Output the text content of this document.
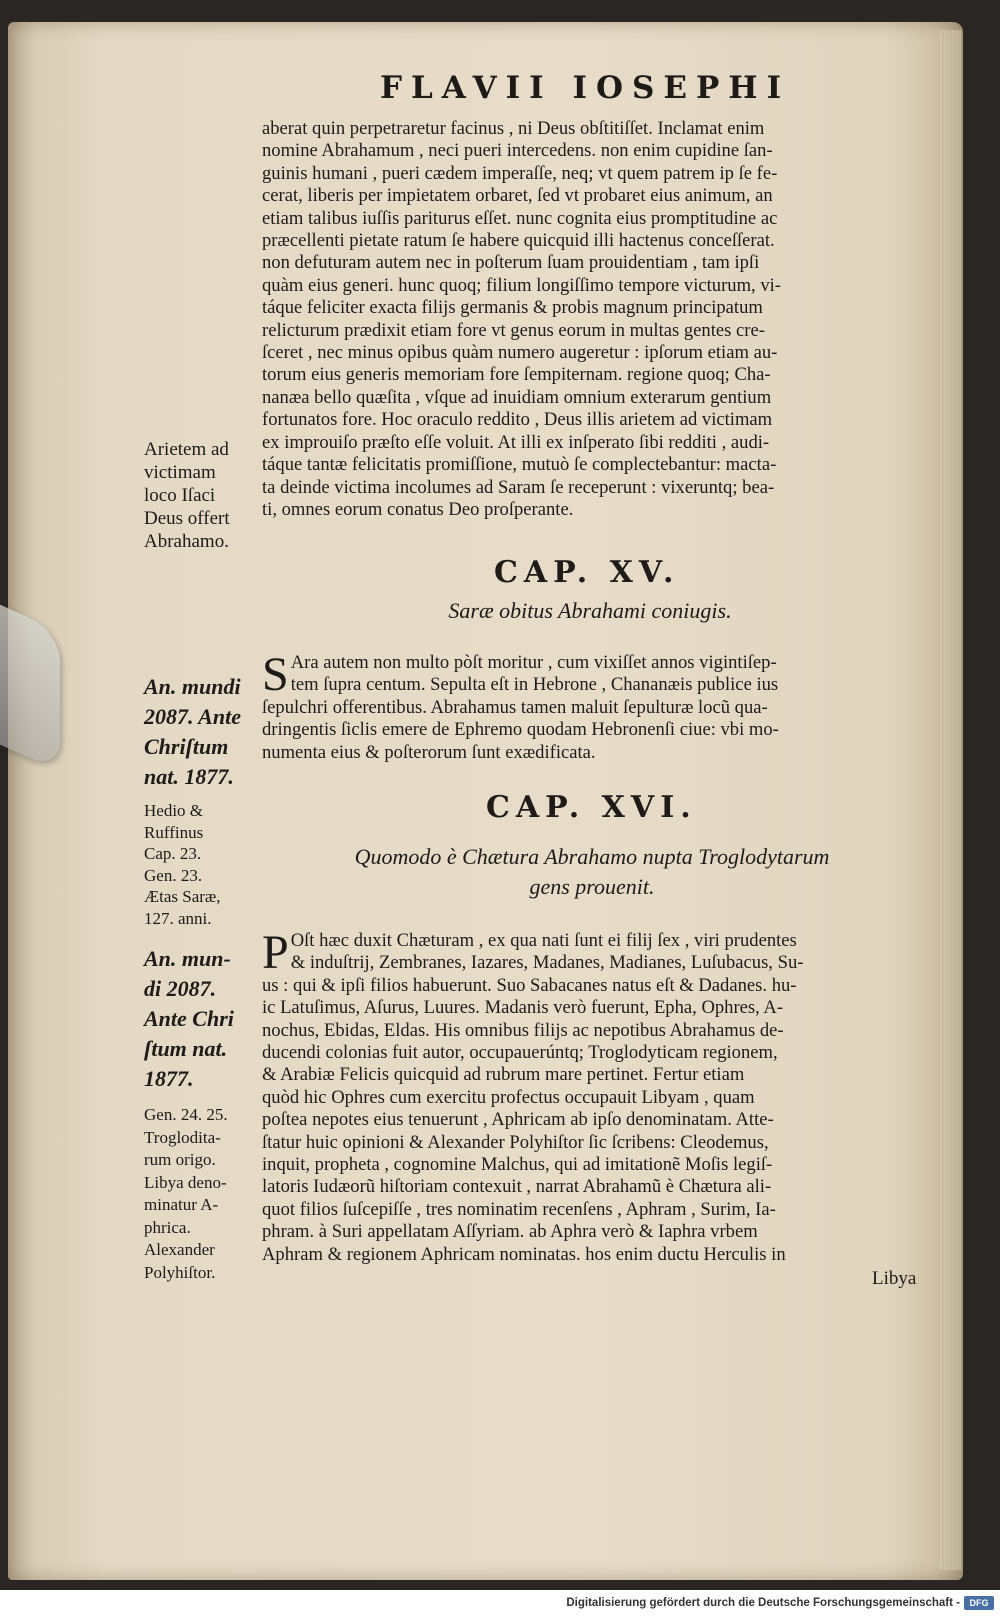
FLAVII IOSEPHI
aberat quin perpetraretur facinus , ni Deus obſtitiſſet. Inclamat enim
nomine Abrahamum , neci pueri intercedens. non enim cupidine ſan-
guinis humani , pueri cædem imperaſſe, neq; vt quem patrem ip ſe fe-
cerat, liberis per impietatem orbaret, ſed vt probaret eius animum, an
etiam talibus iuſſis pariturus eſſet. nunc cognita eius promptitudine ac
præcellenti pietate ratum ſe habere quicquid illi hactenus conceſſerat.
non defuturam autem nec in poſterum ſuam prouidentiam , tam ipſi
quàm eius generi. hunc quoq; filium longiſſimo tempore victurum, vi-
táque feliciter exacta filijs germanis & probis magnum principatum
relicturum prædixit etiam fore vt genus eorum in multas gentes cre-
ſceret , nec minus opibus quàm numero augeretur : ipſorum etiam au-
torum eius generis memoriam fore ſempiternam. regione quoq; Cha-
nanæa bello quæſita , vſque ad inuidiam omnium exterarum gentium
fortunatos fore. Hoc oraculo reddito , Deus illis arietem ad victimam
ex improuiſo præſto eſſe voluit. At illi ex inſperato ſibi redditi , audi-
táque tantæ felicitatis promiſſione, mutuò ſe complectebantur: macta-
ta deinde victima incolumes ad Saram ſe receperunt : vixeruntq; bea-
ti, omnes eorum conatus Deo proſperante.
Arietem ad
victimam
loco Iſaci
Deus offert
Abrahamo.
CAP. XV.
Saræ obitus Abrahami coniugis.
S Ara autem non multo pòſt moritur , cum vixiſſet annos vigintiſep-
tem ſupra centum. Sepulta eſt in Hebrone , Chananæis publice ius
ſepulchri offerentibus. Abrahamus tamen maluit ſepulturæ locũ qua-
dringentis ſiclis emere de Ephremo quodam Hebronenſi ciue: vbi mo-
numenta eius & poſterorum ſunt exædificata.
An. mundi
2087. Ante
Chriſtum
nat. 1877.
Hedio &
Ruffinus
Cap. 23.
Gen. 23.
Ætas Saræ,
127. anni.
CAP. XVI.
Quomodo è Chætura Abrahamo nupta Troglodytarum
gens prouenit.
P Oſt hæc duxit Chæturam , ex qua nati ſunt ei filij ſex , viri prudentes
& induſtrij, Zembranes, Iazares, Madanes, Madianes, Luſubacus, Su-
us : qui & ipſi filios habuerunt. Suo Sabacanes natus eſt & Dadanes. hu-
ic Latuſimus, Aſurus, Luures. Madanis verò fuerunt, Epha, Ophres, A-
nochus, Ebidas, Eldas. His omnibus filijs ac nepotibus Abrahamus de-
ducendi colonias fuit autor, occupauerúntq; Troglodyticam regionem,
& Arabiæ Felicis quicquid ad rubrum mare pertinet. Fertur etiam
quòd hic Ophres cum exercitu profectus occupauit Libyam , quam
poſtea nepotes eius tenuerunt , Aphricam ab ipſo denominatam. Atte-
ſtatur huic opinioni & Alexander Polyhiſtor ſic ſcribens: Cleodemus,
inquit, propheta , cognomine Malchus, qui ad imitationẽ Moſis legiſ-
latoris Iudæorũ hiſtoriam contexuit , narrat Abrahamũ è Chætura ali-
quot filios ſuſcepiſſe , tres nominatim recenſens , Aphram , Surim, Ia-
phram. à Suri appellatam Aſſyriam. ab Aphra verò & Iaphra vrbem
Aphram & regionem Aphricam nominatas. hos enim ductu Herculis in
Libya
An. mun-
di 2087.
Ante Chri
ſtum nat.
1877.
Gen. 24. 25.
Troglodita-
rum origo.
Libya deno-
minatur A-
phrica.
Alexander
Polyhiſtor.
Digitalisierung gefördert durch die Deutsche Forschungsgemeinschaft -	DFG
